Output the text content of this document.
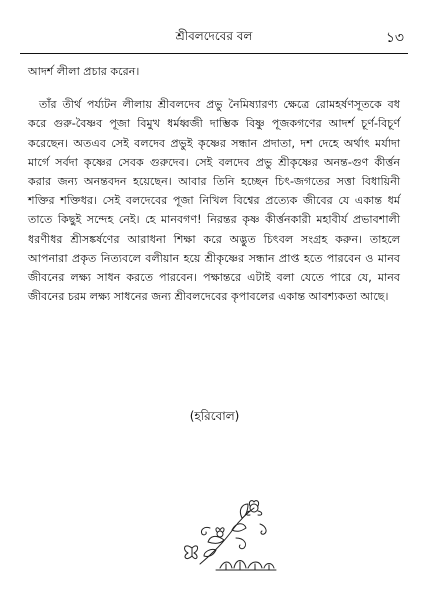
শ্রীবলদেবের বল	১৩

আদর্শ লীলা প্রচার করেন।

তাঁর তীর্থ পর্য্যটন লীলায় শ্রীবলদেব প্রভু নৈমিষ্যারণ্য ক্ষেত্রে রোমহর্ষণসূতকে বধ করে গুরু-বৈষ্ণব পূজা বিমুখ ধর্মধ্বজী দাম্ভিক বিষ্ণু পূজকগণের আদর্শ চূর্ণ-বিচূর্ণ করেছেন। অতএব সেই বলদেব প্রভুই কৃষ্ণের সন্ধান প্রদাতা, দশ দেহে অর্থাৎ মর্যাদা মার্গে সর্বদা কৃষ্ণের সেবক গুরুদেব। সেই বলদেব প্রভু শ্রীকৃষ্ণের অনন্ত-গুণ কীর্ত্তন করার জন্য অনন্তবদন হয়েছেন। আবার তিনি হচ্ছেন চিৎ-জগতের সত্তা বিধায়িনী শক্তির শক্তিধর। সেই বলদেবের পূজা নিখিল বিশ্বের প্রত্যেক জীবের যে একান্ত ধর্ম তাতে কিছুই সন্দেহ নেই। হে মানবগণ! নিরন্তর কৃষ্ণ কীর্ত্তনকারী মহাবীর্য প্রভাবশালী ধরণীধর শ্রীসঙ্কর্ষণের আরাধনা শিক্ষা করে অদ্ভুত চিৎবল সংগ্রহ করুন। তাহলে আপনারা প্রকৃত নিত্যবলে বলীয়ান হয়ে শ্রীকৃষ্ণের সন্ধান প্রাপ্ত হতে পারবেন ও মানব জীবনের লক্ষ্য সাধন করতে পারবেন। পক্ষান্তরে এটাই বলা যেতে পারে যে, মানব জীবনের চরম লক্ষ্য সাধনের জন্য শ্রীবলদেবের কৃপাবলের একান্ত আবশ্যকতা আছে।

(হরিবোল)
